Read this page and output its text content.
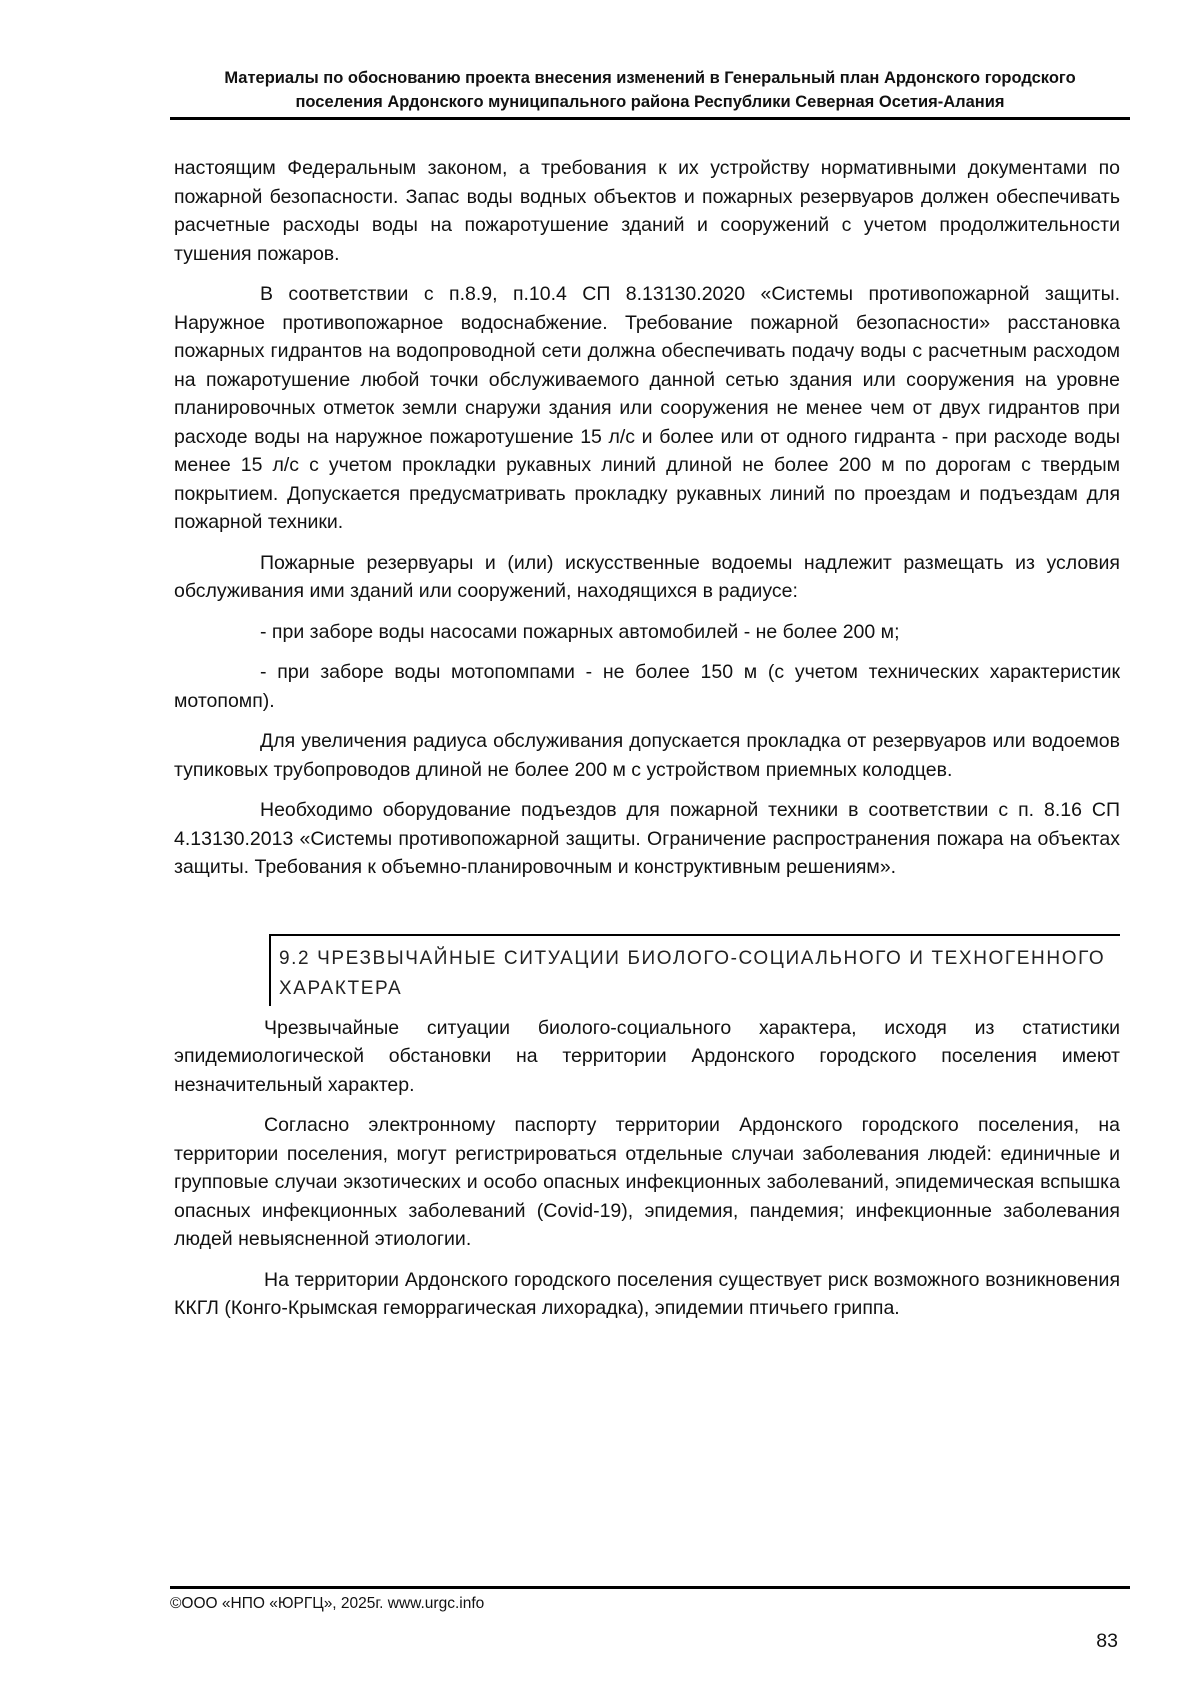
Материалы по обоснованию проекта внесения изменений в Генеральный план Ардонского городского
поселения Ардонского муниципального района Республики Северная Осетия-Алания

настоящим Федеральным законом, а требования к их устройству нормативными документами по пожарной безопасности. Запас воды водных объектов и пожарных резервуаров должен обеспечивать расчетные расходы воды на пожаротушение зданий и сооружений с учетом продолжительности тушения пожаров.

В соответствии с п.8.9, п.10.4 СП 8.13130.2020 «Системы противопожарной защиты. Наружное противопожарное водоснабжение. Требование пожарной безопасности» расстановка пожарных гидрантов на водопроводной сети должна обеспечивать подачу воды с расчетным расходом на пожаротушение любой точки обслуживаемого данной сетью здания или сооружения на уровне планировочных отметок земли снаружи здания или сооружения не менее чем от двух гидрантов при расходе воды на наружное пожаротушение 15 л/с и более или от одного гидранта - при расходе воды менее 15 л/с с учетом прокладки рукавных линий длиной не более 200 м по дорогам с твердым покрытием. Допускается предусматривать прокладку рукавных линий по проездам и подъездам для пожарной техники.

Пожарные резервуары и (или) искусственные водоемы надлежит размещать из условия обслуживания ими зданий или сооружений, находящихся в радиусе:

- при заборе воды насосами пожарных автомобилей - не более 200 м;

- при заборе воды мотопомпами - не более 150 м (с учетом технических характеристик мотопомп).

Для увеличения радиуса обслуживания допускается прокладка от резервуаров или водоемов тупиковых трубопроводов длиной не более 200 м с устройством приемных колодцев.

Необходимо оборудование подъездов для пожарной техники в соответствии с п. 8.16 СП 4.13130.2013 «Системы противопожарной защиты. Ограничение распространения пожара на объектах защиты. Требования к объемно-планировочным и конструктивным решениям».

9.2 ЧРЕЗВЫЧАЙНЫЕ СИТУАЦИИ БИОЛОГО-СОЦИАЛЬНОГО И ТЕХНОГЕННОГО ХАРАКТЕРА

Чрезвычайные ситуации биолого-социального характера, исходя из статистики эпидемиологической обстановки на территории Ардонского городского поселения имеют незначительный характер.

Согласно электронному паспорту территории Ардонского городского поселения, на территории поселения, могут регистрироваться отдельные случаи заболевания людей: единичные и групповые случаи экзотических и особо опасных инфекционных заболеваний, эпидемическая вспышка опасных инфекционных заболеваний (Covid-19), эпидемия, пандемия; инфекционные заболевания людей невыясненной этиологии.

На территории Ардонского городского поселения существует риск возможного возникновения ККГЛ (Конго-Крымская геморрагическая лихорадка), эпидемии птичьего гриппа.

©ООО «НПО «ЮРГЦ», 2025г. www.urgc.info
83
